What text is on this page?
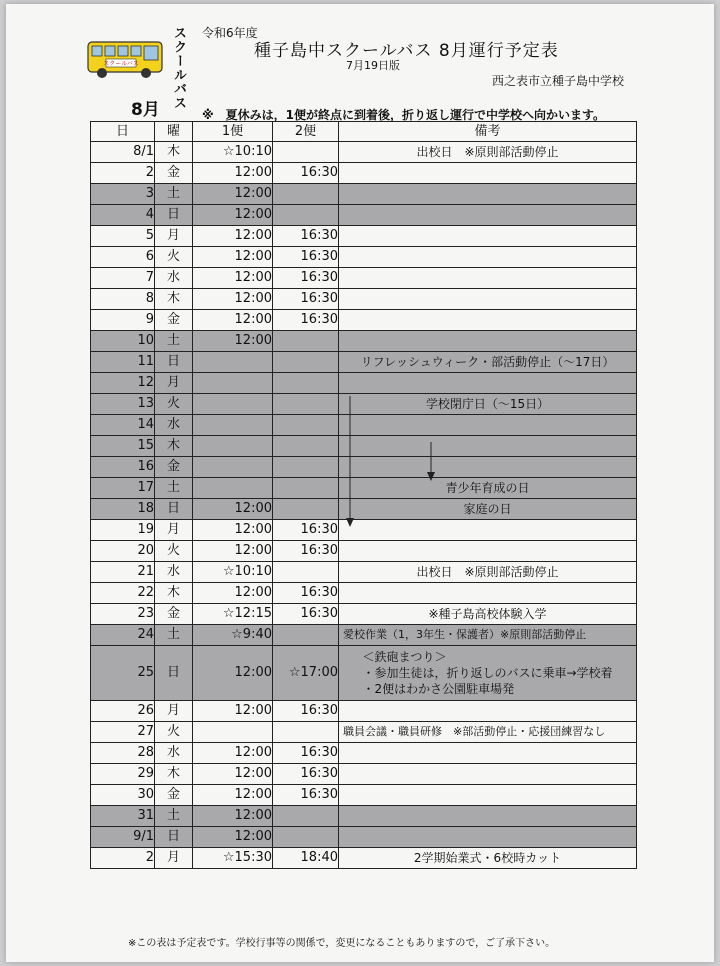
スクールバス スクールバス 令和6年度
種子島中スクールバス 8月運行予定表
7月19日版
西之表市立種子島中学校
8月	※　夏休みは，1便が終点に到着後，折り返し運行で中学校へ向かいます。
※この表は予定表です。学校行事等の関係で，変更になることもありますので，ご了承下さい。
日	曜	1便	2便	備考
8/1	木	☆10:10		出校日　※原則部活動停止
2	金	12:00	16:30	
3	土	12:00		
4	日	12:00		
5	月	12:00	16:30	
6	火	12:00	16:30	
7	水	12:00	16:30	
8	木	12:00	16:30	
9	金	12:00	16:30	
10	土	12:00		
11	日			リフレッシュウィーク・部活動停止（～17日）
12	月			
13	火			学校閉庁日（～15日）
14	水			
15	木			
16	金			
17	土			青少年育成の日
18	日	12:00		家庭の日
19	月	12:00	16:30	
20	火	12:00	16:30	
21	水	☆10:10		出校日　※原則部活動停止
22	木	12:00	16:30	
23	金	☆12:15	16:30	※種子島高校体験入学
24	土	☆9:40		愛校作業（1，3年生・保護者）※原則部活動停止
25	日	12:00	☆17:00	＜鉄砲まつり＞
・参加生徒は，折り返しのバスに乗車→学校着
・2便はわかさ公園駐車場発

26	月	12:00	16:30	
27	火			職員会議・職員研修　※部活動停止・応援団練習なし
28	水	12:00	16:30	
29	木	12:00	16:30	
30	金	12:00	16:30	
31	土	12:00		
9/1	日	12:00		
2	月	☆15:30	18:40	2学期始業式・6校時カット
